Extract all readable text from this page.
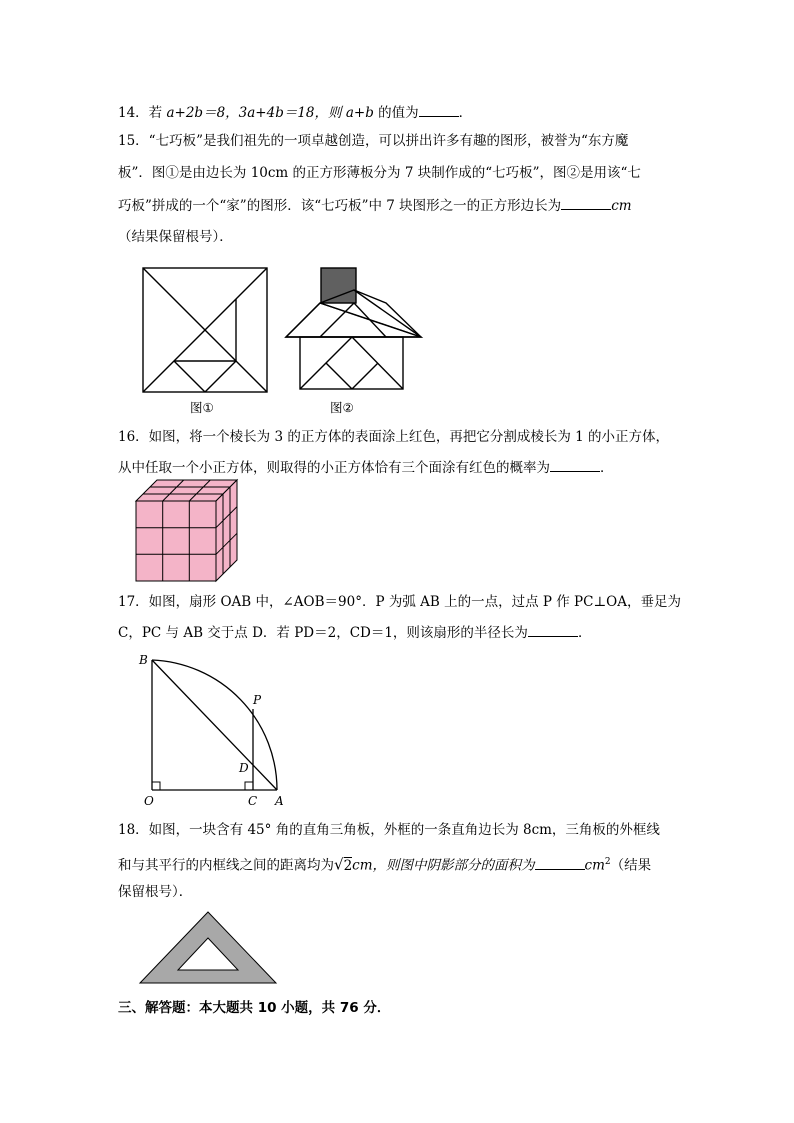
14．若 a+2b＝8，3a+4b＝18，则 a+b 的值为	．
15．“七巧板”是我们祖先的一项卓越创造，可以拼出许多有趣的图形，被誉为“东方魔
板”．图①是由边长为 10cm 的正方形薄板分为 7 块制作成的“七巧板”，图②是用该“七
巧板”拼成的一个“家”的图形．该“七巧板”中 7 块图形之一的正方形边长为	cm
（结果保留根号）．
图①	图②
16．如图，将一个棱长为 3 的正方体的表面涂上红色，再把它分割成棱长为 1 的小正方体，
从中任取一个小正方体，则取得的小正方体恰有三个面涂有红色的概率为	．
17．如图，扇形 OAB 中，∠AOB＝90°．P 为弧 AB 上的一点，过点 P 作 PC⊥OA，垂足为
C，PC 与 AB 交于点 D．若 PD＝2，CD＝1，则该扇形的半径长为	．
B
P
D
O	C A
18．如图，一块含有 45° 角的直角三角板，外框的一条直角边长为 8cm，三角板的外框线
和与其平行的内框线之间的距离均为√2cm，则图中阴影部分的面积为	$cm^2$（结果
保留根号）．
三、解答题：本大题共 10 小题，共 76 分．
